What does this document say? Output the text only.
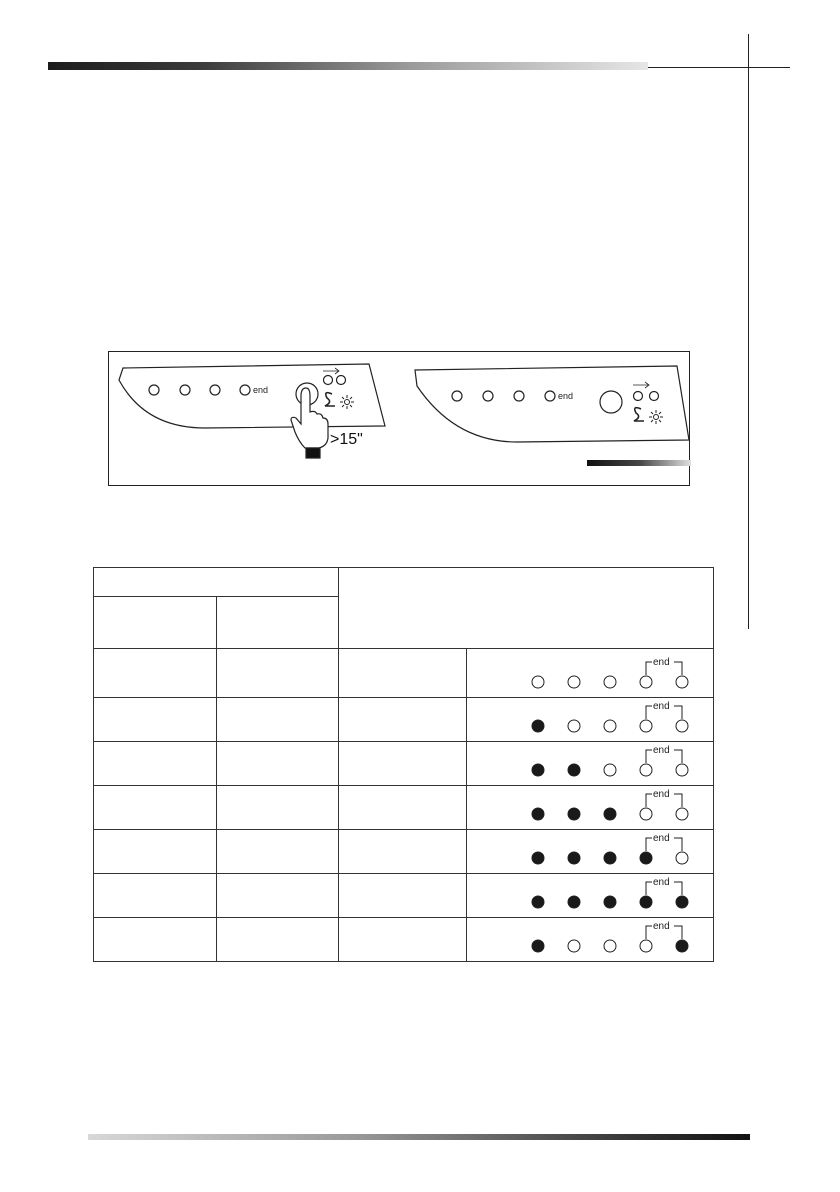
end
>15"
end

end

end

end

end

end

end

end
